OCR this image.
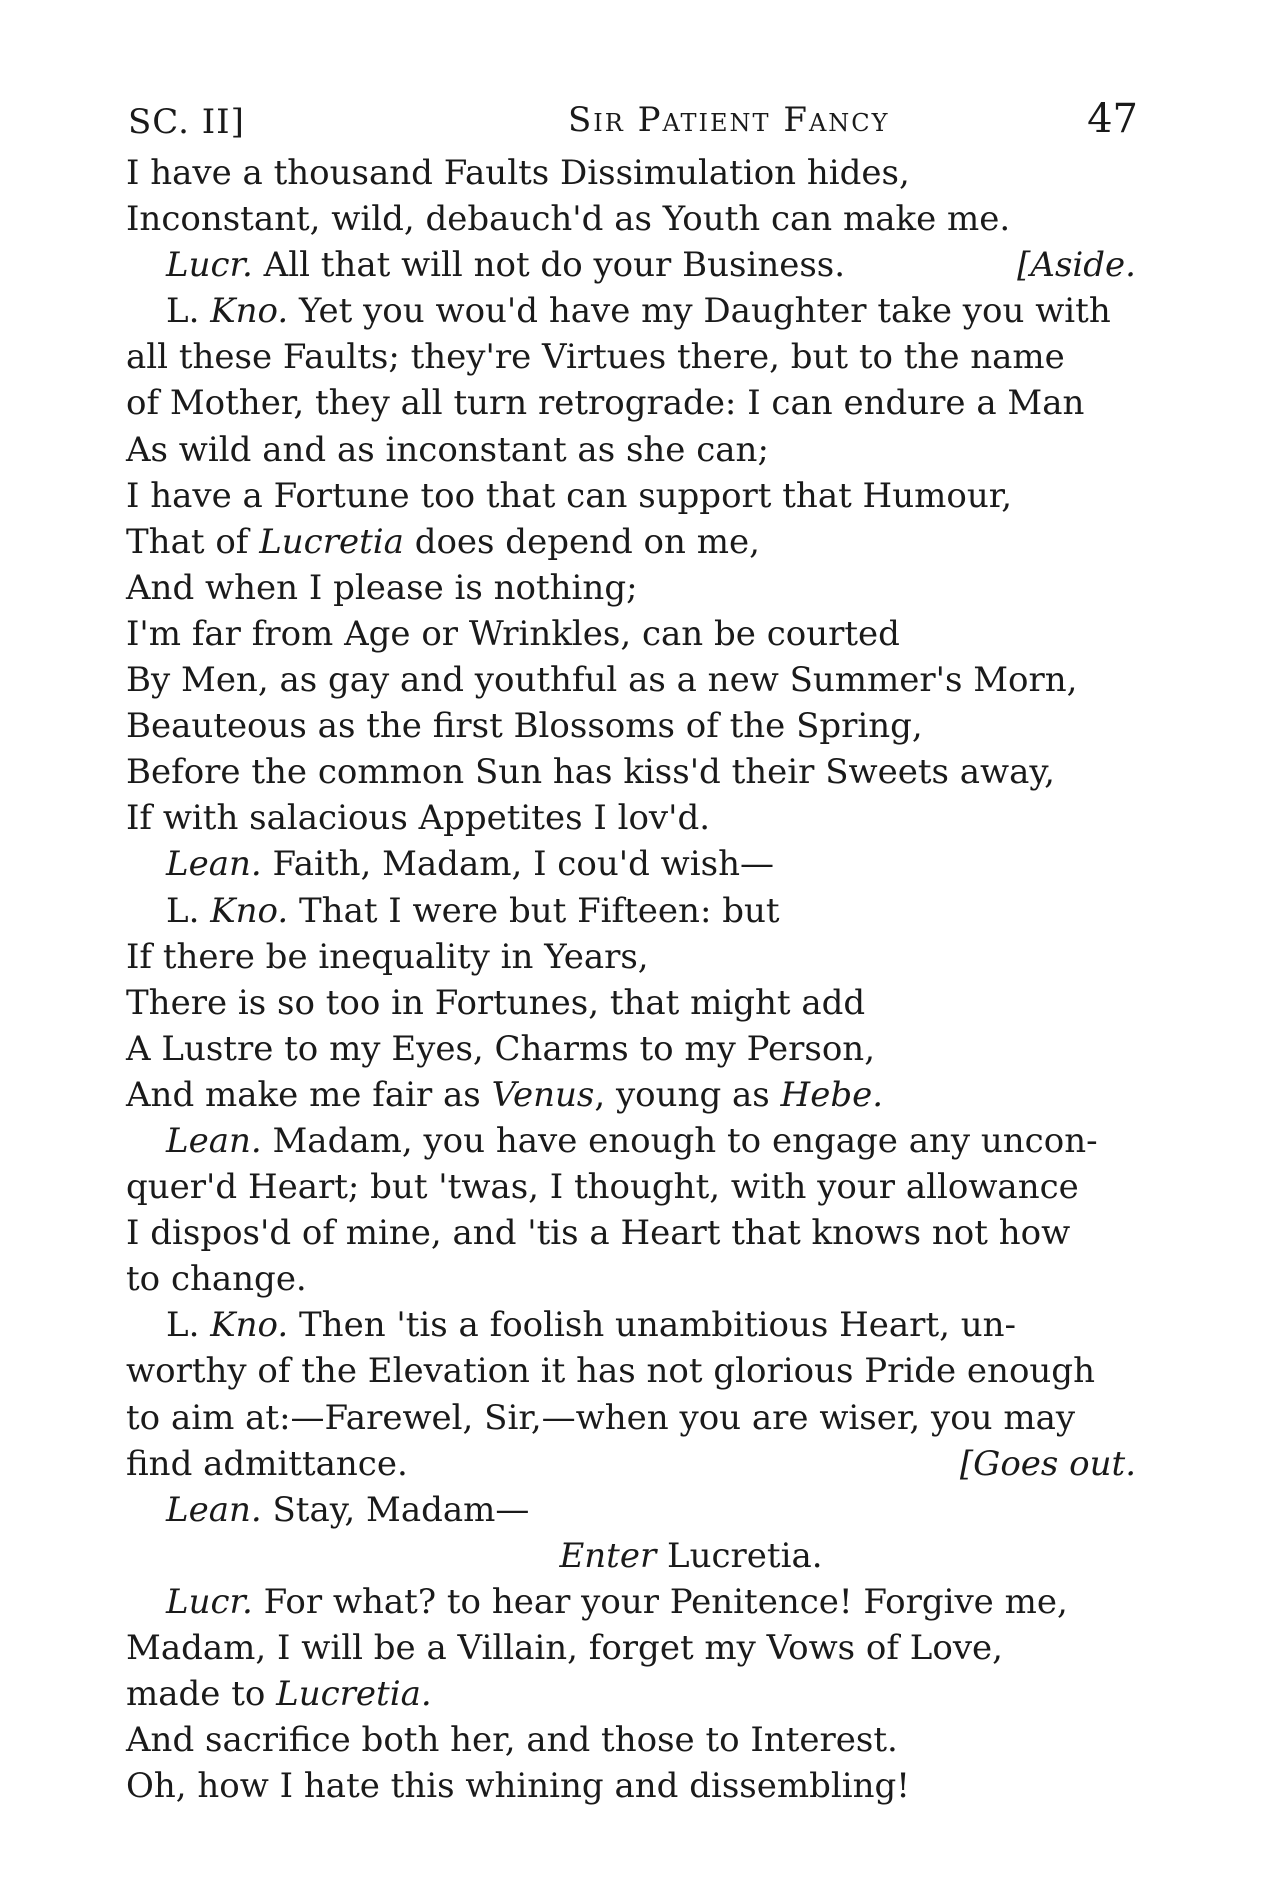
SC. II]	Sir Patient Fancy	47
I have a thousand Faults Dissimulation hides,
Inconstant, wild, debauch'd as Youth can make me.
Lucr. All that will not do your Business.	[Aside.
L. Kno. Yet you wou'd have my Daughter take you with
all these Faults; they're Virtues there, but to the name
of Mother, they all turn retrograde: I can endure a Man
As wild and as inconstant as she can;
I have a Fortune too that can support that Humour,
That of Lucretia does depend on me,
And when I please is nothing;
I'm far from Age or Wrinkles, can be courted
By Men, as gay and youthful as a new Summer's Morn,
Beauteous as the first Blossoms of the Spring,
Before the common Sun has kiss'd their Sweets away,
If with salacious Appetites I lov'd.
Lean. Faith, Madam, I cou'd wish—
L. Kno. That I were but Fifteen: but
If there be inequality in Years,
There is so too in Fortunes, that might add
A Lustre to my Eyes, Charms to my Person,
And make me fair as Venus, young as Hebe.
Lean. Madam, you have enough to engage any uncon-
quer'd Heart; but 'twas, I thought, with your allowance
I dispos'd of mine, and 'tis a Heart that knows not how
to change.
L. Kno. Then 'tis a foolish unambitious Heart, un-
worthy of the Elevation it has not glorious Pride enough
to aim at:—Farewel, Sir,—when you are wiser, you may
find admittance.	[Goes out.
Lean. Stay, Madam—
Enter Lucretia.
Lucr. For what? to hear your Penitence! Forgive me,
Madam, I will be a Villain, forget my Vows of Love,
made to Lucretia.
And sacrifice both her, and those to Interest.
Oh, how I hate this whining and dissembling!
